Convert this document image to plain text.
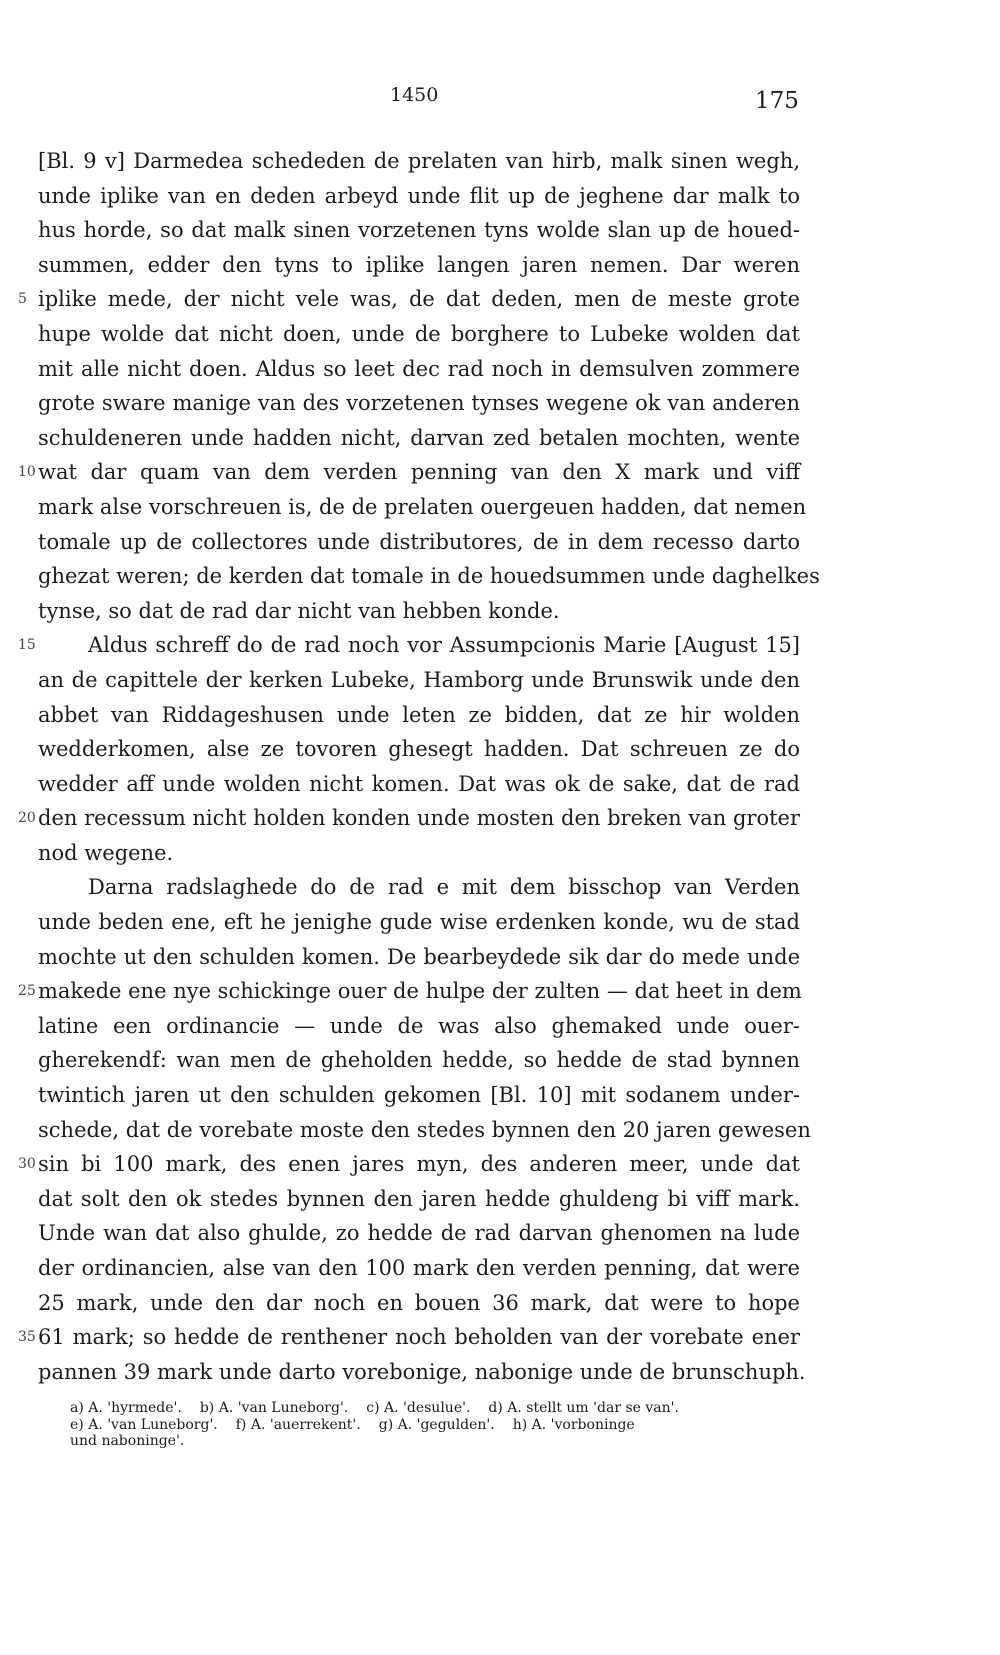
1450	175
[Bl. 9 v] Darmedea schededen de prelaten van hirb, malk sinen wegh,
unde iplike van en deden arbeyd unde flit up de jeghene dar malk to
hus horde, so dat malk sinen vorzetenen tyns wolde slan up de houed-
summen, edder den tyns to iplike langen jaren nemen. Dar weren
5 iplike mede, der nicht vele was, de dat deden, men de meste grote
hupe wolde dat nicht doen, unde de borghere to Lubeke wolden dat
mit alle nicht doen. Aldus so leet dec rad noch in demsulven zommere
grote sware manige van des vorzetenen tynses wegene ok van anderen
schuldeneren unde hadden nicht, darvan zed betalen mochten, wente
10 wat dar quam van dem verden penning van den X mark und viff
mark alse vorschreuen is, de de prelaten ouergeuen hadden, dat nemen
tomale up de collectores unde distributores, de in dem recesso darto
ghezat weren; de kerden dat tomale in de houedsummen unde daghelkes
tynse, so dat de rad dar nicht van hebben konde.
15 Aldus schreff do de rad noch vor Assumpcionis Marie [August 15]
an de capittele der kerken Lubeke, Hamborg unde Brunswik unde den
abbet van Riddageshusen unde leten ze bidden, dat ze hir wolden
wedderkomen, alse ze tovoren ghesegt hadden. Dat schreuen ze do
wedder aff unde wolden nicht komen. Dat was ok de sake, dat de rad
20 den recessum nicht holden konden unde mosten den breken van groter
nod wegene.
Darna radslaghede do de rad e mit dem bisschop van Verden
unde beden ene, eft he jenighe gude wise erdenken konde, wu de stad
mochte ut den schulden komen. De bearbeydede sik dar do mede unde
25 makede ene nye schickinge ouer de hulpe der zulten — dat heet in dem
latine een ordinancie — unde de was also ghemaked unde ouer-
gherekendf: wan men de gheholden hedde, so hedde de stad bynnen
twintich jaren ut den schulden gekomen [Bl. 10] mit sodanem under-
schede, dat de vorebate moste den stedes bynnen den 20 jaren gewesen
30 sin bi 100 mark, des enen jares myn, des anderen meer, unde dat
dat solt den ok stedes bynnen den jaren hedde ghuldeng bi viff mark.
Unde wan dat also ghulde, zo hedde de rad darvan ghenomen na lude
der ordinancien, alse van den 100 mark den verden penning, dat were
25 mark, unde den dar noch en bouen 36 mark, dat were to hope
35 61 mark; so hedde de renthener noch beholden van der vorebate ener
pannen 39 mark unde darto vorebonige, nabonige unde de brunschuph.
a) A. 'hyrmede'. b) A. 'van Luneborg'. c) A. 'desulue'. d) A. stellt um 'dar se van'.
e) A. 'van Luneborg'. f) A. 'auerrekent'. g) A. 'gegulden'. h) A. 'vorboninge
und naboninge'.
